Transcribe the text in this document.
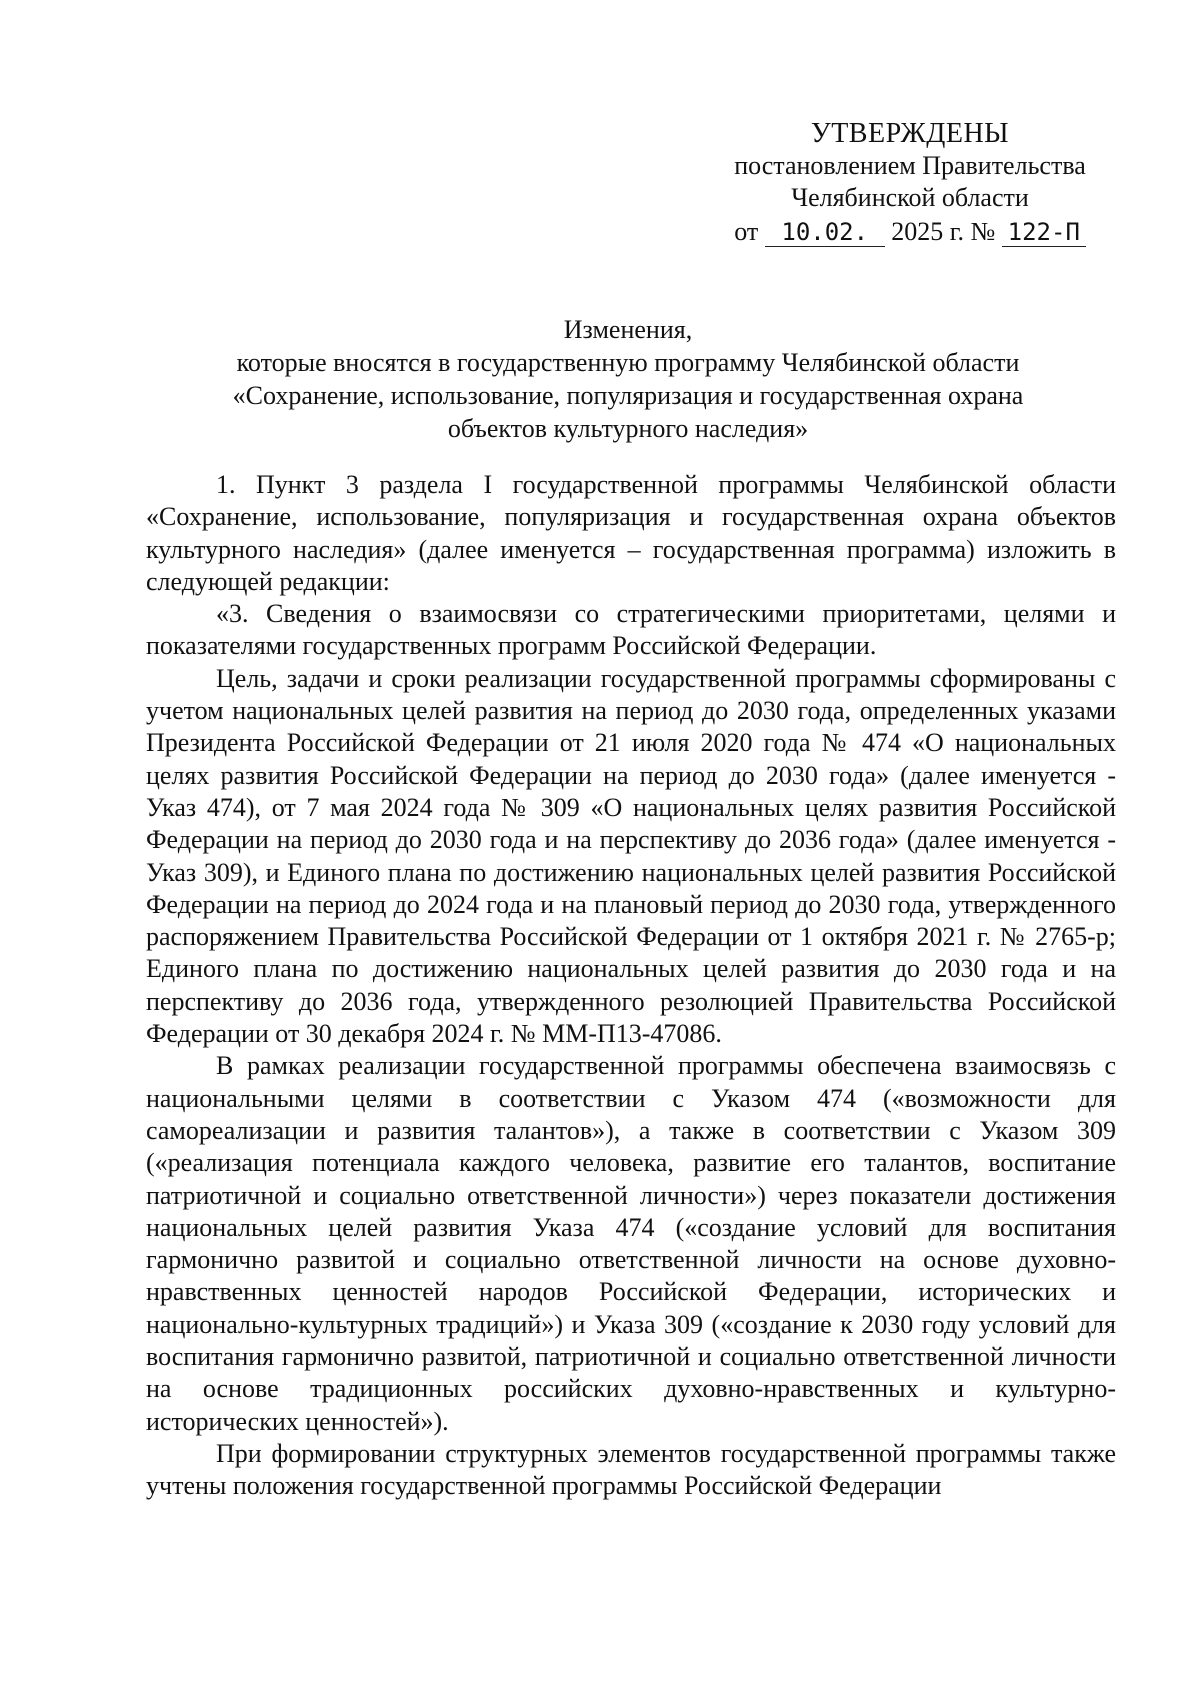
УТВЕРЖДЕНЫ
постановлением Правительства
Челябинской области
от 10.02. 2025 г. № 122-П
Изменения,
которые вносятся в государственную программу Челябинской области
«Сохранение, использование, популяризация и государственная охрана
объектов культурного наследия»

1. Пункт 3 раздела I государственной программы Челябинской области «Сохранение, использование, популяризация и государственная охрана объектов культурного наследия» (далее именуется – государственная программа) изложить в следующей редакции:

«3. Сведения о взаимосвязи со стратегическими приоритетами, целями и показателями государственных программ Российской Федерации.

Цель, задачи и сроки реализации государственной программы сформированы с учетом национальных целей развития на период до 2030 года, определенных указами Президента Российской Федерации от 21 июля 2020 года № 474 «О национальных целях развития Российской Федерации на период до 2030 года» (далее именуется - Указ 474), от 7 мая 2024 года № 309 «О национальных целях развития Российской Федерации на период до 2030 года и на перспективу до 2036 года» (далее именуется - Указ 309), и Единого плана по достижению национальных целей развития Российской Федерации на период до 2024 года и на плановый период до 2030 года, утвержденного распоряжением Правительства Российской Федерации от 1 октября 2021 г. № 2765-р; Единого плана по достижению национальных целей развития до 2030 года и на перспективу до 2036 года, утвержденного резолюцией Правительства Российской Федерации от 30 декабря 2024 г. № ММ-П13-47086.

В рамках реализации государственной программы обеспечена взаимосвязь с национальными целями в соответствии с Указом 474 («возможности для самореализации и развития талантов»), а также в соответствии с Указом 309 («реализация потенциала каждого человека, развитие его талантов, воспитание патриотичной и социально ответственной личности») через показатели достижения национальных целей развития Указа 474 («создание условий для воспитания гармонично развитой и социально ответственной личности на основе духовно-нравственных ценностей народов Российской Федерации, исторических и национально-культурных традиций») и Указа 309 («создание к 2030 году условий для воспитания гармонично развитой, патриотичной и социально ответственной личности на основе традиционных российских духовно-нравственных и культурно-исторических ценностей»).

При формировании структурных элементов государственной программы также учтены положения государственной программы Российской Федерации
